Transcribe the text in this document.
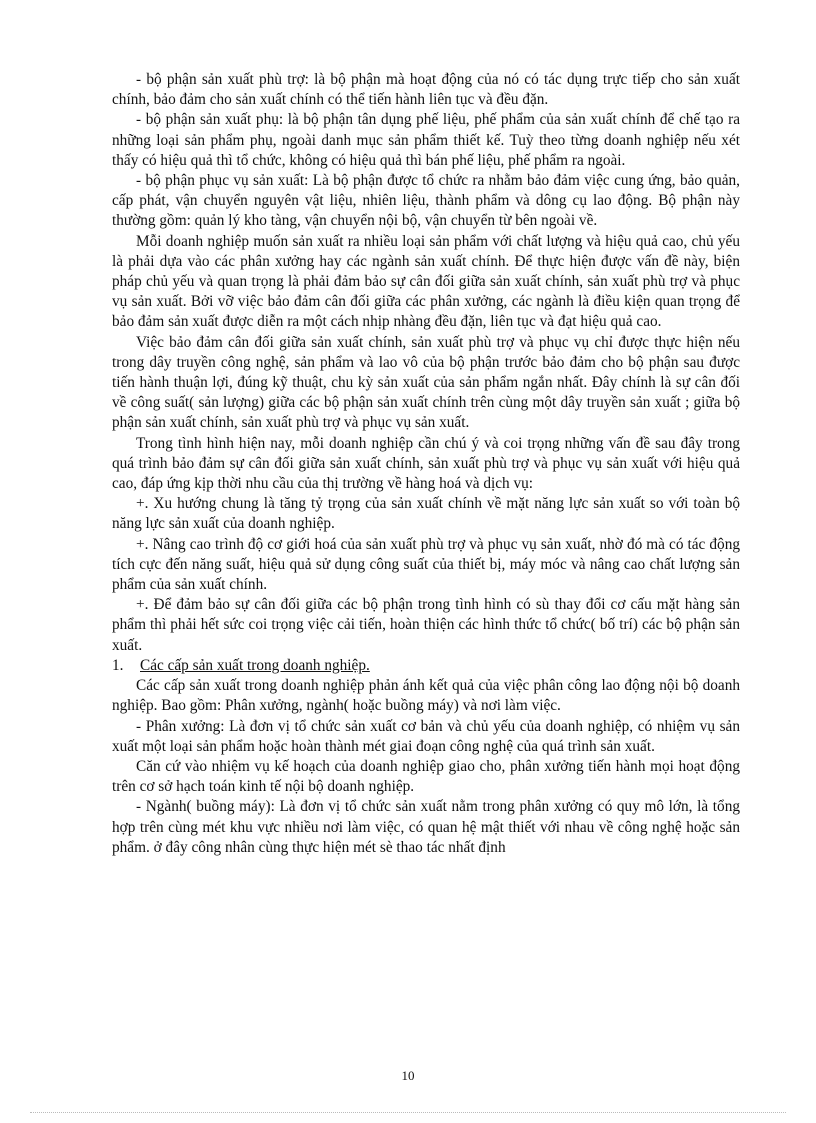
- bộ phận sản xuất phù trợ: là bộ phận mà hoạt động của nó có tác dụng trực tiếp cho sản xuất chính, bảo đảm cho sản xuất chính có thể tiến hành liên tục và đều đặn.

- bộ phận sản xuất phụ: là bộ phận tân dụng phế liệu, phế phẩm của sản xuất chính để chế tạo ra những loại sản phẩm phụ, ngoài danh mục sản phẩm thiết kế. Tuỳ theo từng doanh nghiệp nếu xét thấy có hiệu quả thì tổ chức, không có hiệu quả thì bán phế liệu, phế phẩm ra ngoài.

- bộ phận phục vụ sản xuất: Là bộ phận được tổ chức ra nhằm bảo đảm việc cung ứng, bảo quản, cấp phát, vận chuyển nguyên vật liệu, nhiên liệu, thành phẩm và dông cụ lao động. Bộ phận này thường gồm: quản lý kho tàng, vận chuyển nội bộ, vận chuyển từ bên ngoài về.

Mỗi doanh nghiệp muốn sản xuất ra nhiều loại sản phẩm với chất lượng và hiệu quả cao, chủ yếu là phải dựa vào các phân xưởng hay các ngành sản xuất chính. Để thực hiện được vấn đề này, biện pháp chủ yếu và quan trọng là phải đảm bảo sự cân đối giữa sản xuất chính, sản xuất phù trợ và phục vụ sản xuất. Bởi vỡ việc bảo đảm cân đối giữa các phân xưởng, các ngành là điều kiện quan trọng để bảo đảm sản xuất được diễn ra một cách nhịp nhàng đều đặn, liên tục và đạt hiệu quả cao.

Việc bảo đảm cân đối giữa sản xuất chính, sản xuất phù trợ và phục vụ chỉ được thực hiện nếu trong dây truyền công nghệ, sản phẩm và lao vô của bộ phận trước bảo đảm cho bộ phận sau được tiến hành thuận lợi, đúng kỹ thuật, chu kỳ sản xuất của sản phẩm ngắn nhất. Đây chính là sự cân đối về công suất( sản lượng) giữa các bộ phận sản xuất chính trên cùng một dây truyền sản xuất ; giữa bộ phận sản xuất chính, sản xuất phù trợ và phục vụ sản xuất.

Trong tình hình hiện nay, mỗi doanh nghiệp cần chú ý và coi trọng những vấn đề sau đây trong quá trình bảo đảm sự cân đối giữa sản xuất chính, sản xuất phù trợ và phục vụ sản xuất với hiệu quả cao, đáp ứng kịp thời nhu cầu của thị trường về hàng hoá và dịch vụ:

+. Xu hướng chung là tăng tỷ trọng của sản xuất chính về mặt năng lực sản xuất so với toàn bộ năng lực sản xuất của doanh nghiệp.

+. Nâng cao trình độ cơ giới hoá của sản xuất phù trợ và phục vụ sản xuất, nhờ đó mà có tác động tích cực đến năng suất, hiệu quả sử dụng công suất của thiết bị, máy móc và nâng cao chất lượng sản phẩm của sản xuất chính.

+. Để đảm bảo sự cân đối giữa các bộ phận trong tình hình có sù thay đổi cơ cấu mặt hàng sản phẩm thì phải hết sức coi trọng việc cải tiến, hoàn thiện các hình thức tổ chức( bố trí) các bộ phận sản xuất.

1.	Các cấp sản xuất trong doanh nghiệp.

Các cấp sản xuất trong doanh nghiệp phản ánh kết quả của việc phân công lao động nội bộ doanh nghiệp. Bao gồm: Phân xưởng, ngành( hoặc buồng máy) và nơi làm việc.

- Phân xưởng: Là đơn vị tổ chức sản xuất cơ bản và chủ yếu của doanh nghiệp, có nhiệm vụ sản xuất một loại sản phẩm hoặc hoàn thành mét giai đoạn công nghệ của quá trình sản xuất.

Căn cứ vào nhiệm vụ kế hoạch của doanh nghiệp giao cho, phân xưởng tiến hành mọi hoạt động trên cơ sở hạch toán kinh tế nội bộ doanh nghiệp.

- Ngành( buồng máy): Là đơn vị tổ chức sản xuất nằm trong phân xưởng có quy mô lớn, là tổng hợp trên cùng mét khu vực nhiều nơi làm việc, có quan hệ mật thiết với nhau về công nghệ hoặc sản phẩm. ở đây công nhân cùng thực hiện mét sè thao tác nhất định

10
